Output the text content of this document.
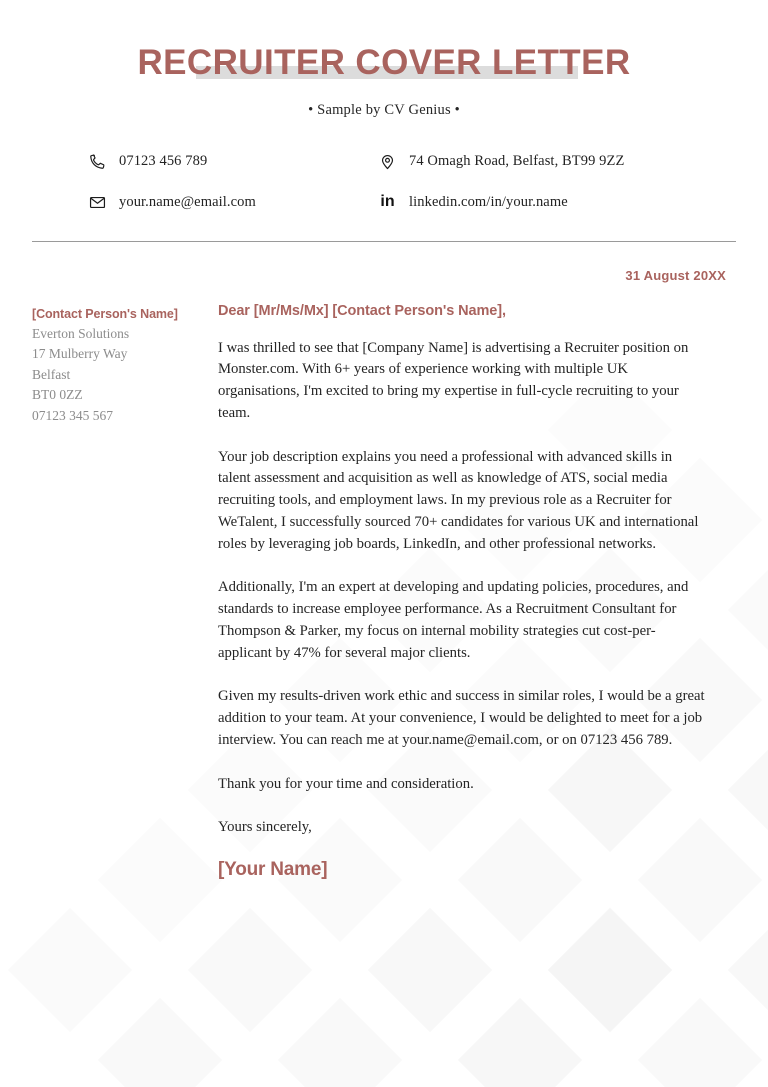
RECRUITER COVER LETTER

• Sample by CV Genius •

07123 456 789	74 Omagh Road, Belfast, BT99 9ZZ
your.name@email.com	in linkedin.com/in/your.name
31 August 20XX
[Contact Person's Name]
Everton Solutions
17 Mulberry Way
Belfast
BT0 0ZZ
07123 345 567

Dear [Mr/Ms/Mx] [Contact Person's Name],

I was thrilled to see that [Company Name] is advertising a Recruiter position on Monster.com. With 6+ years of experience working with multiple UK organisations, I'm excited to bring my expertise in full-cycle recruiting to your team.

Your job description explains you need a professional with advanced skills in talent assessment and acquisition as well as knowledge of ATS, social media recruiting tools, and employment laws. In my previous role as a Recruiter for WeTalent, I successfully sourced 70+ candidates for various UK and international roles by leveraging job boards, LinkedIn, and other professional networks.

Additionally, I'm an expert at developing and updating policies, procedures, and standards to increase employee performance. As a Recruitment Consultant for Thompson & Parker, my focus on internal mobility strategies cut cost-per-applicant by 47% for several major clients.

Given my results-driven work ethic and success in similar roles, I would be a great addition to your team. At your convenience, I would be delighted to meet for a job interview. You can reach me at your.name@email.com, or on 07123 456 789.

Thank you for your time and consideration.

Yours sincerely,

[Your Name]
